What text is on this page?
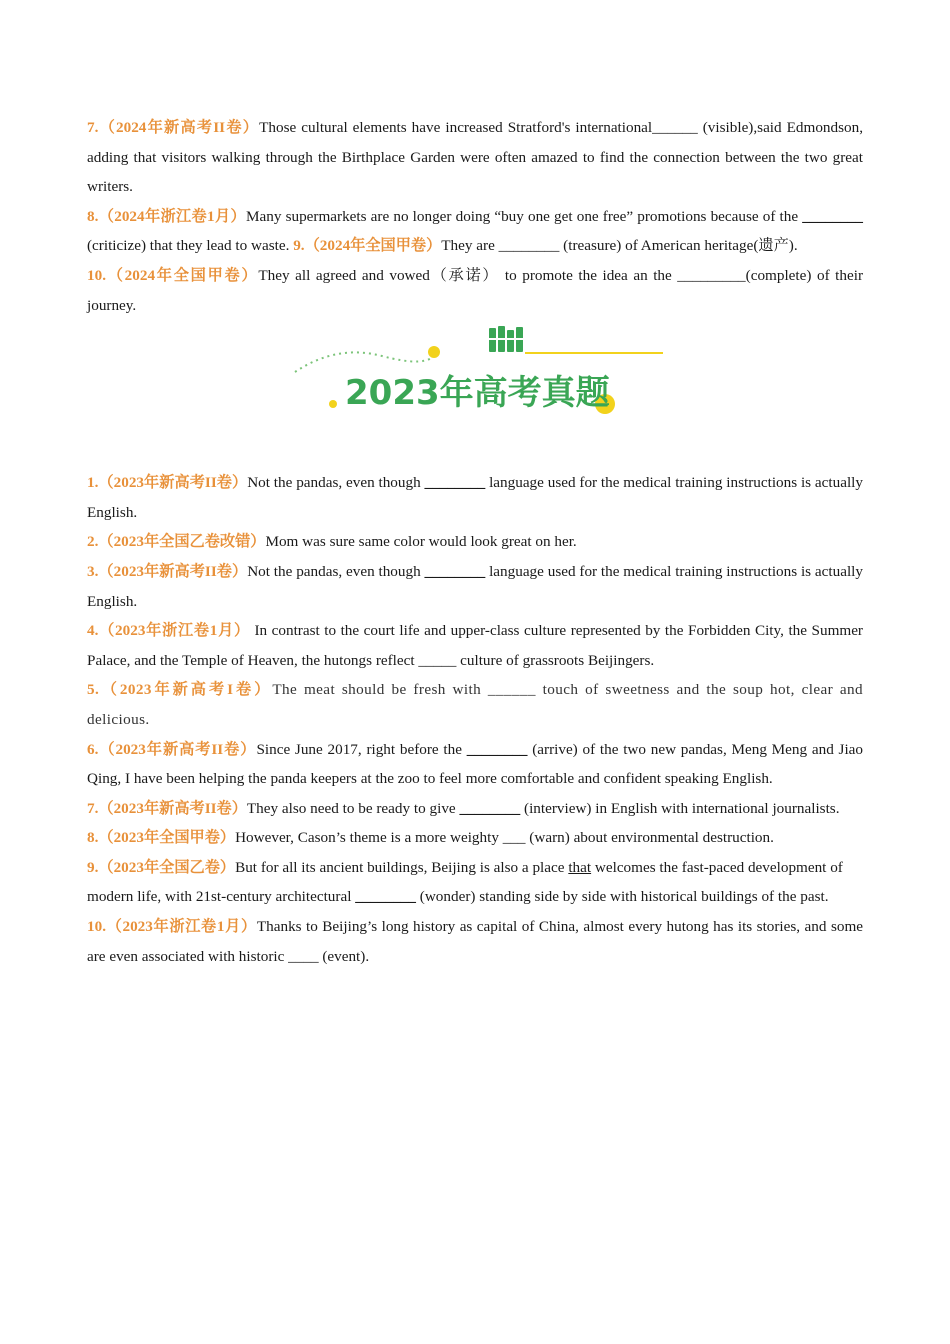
7.（2024年新高考II卷）Those cultural elements have increased Stratford's international______ (visible),said Edmondson, adding that visitors walking through the Birthplace Garden were often amazed to find the connection between the two great writers.

8.（2024年浙江卷1月）Many supermarkets are no longer doing “buy one get one free” promotions because of the ________ (criticize) that they lead to waste. 9.（2024年全国甲卷）They are ________ (treasure) of American heritage(遗产).

10.（2024年全国甲卷）They all agreed and vowed（承诺） to promote the idea an the _________(complete) of their journey.

2023年高考真题

1.（2023年新高考II卷）Not the pandas, even though ________ language used for the medical training instructions is actually English.

2.（2023年全国乙卷改错）Mom was sure same color would look great on her.

3.（2023年新高考II卷）Not the pandas, even though ________ language used for the medical training instructions is actually English.

4.（2023年浙江卷1月） In contrast to the court life and upper-class culture represented by the Forbidden City, the Summer Palace, and the Temple of Heaven, the hutongs reflect _____ culture of grassroots Beijingers.

5.（2023年新高考I卷）The meat should be fresh with ______ touch of sweetness and the soup hot, clear and delicious.

6.（2023年新高考II卷）Since June 2017, right before the ________ (arrive) of the two new pandas, Meng Meng and Jiao Qing, I have been helping the panda keepers at the zoo to feel more comfortable and confident speaking English.

7.（2023年新高考II卷）They also need to be ready to give ________ (interview) in English with international journalists.

8.（2023年全国甲卷）However, Cason’s theme is a more weighty ___ (warn) about environmental destruction.

9.（2023年全国乙卷）But for all its ancient buildings, Beijing is also a place that welcomes the fast-paced development of modern life, with 21st-century architectural ________ (wonder) standing side by side with historical buildings of the past.

10.（2023年浙江卷1月）Thanks to Beijing’s long history as capital of China, almost every hutong has its stories, and some are even associated with historic ____ (event).
